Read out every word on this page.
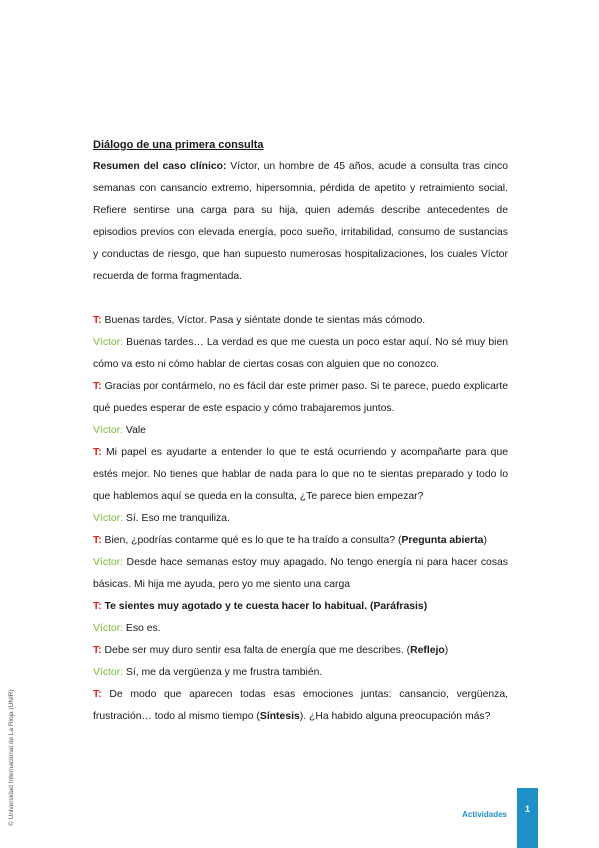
Diálogo de una primera consulta

Resumen del caso clínico: Víctor, un hombre de 45 años, acude a consulta tras cinco semanas con cansancio extremo, hipersomnia, pérdida de apetito y retraimiento social. Refiere sentirse una carga para su hija, quien además describe antecedentes de episodios previos con elevada energía, poco sueño, irritabilidad, consumo de sustancias y conductas de riesgo, que han supuesto numerosas hospitalizaciones, los cuales Víctor recuerda de forma fragmentada.

T: Buenas tardes, Víctor. Pasa y siéntate donde te sientas más cómodo.

Víctor: Buenas tardes… La verdad es que me cuesta un poco estar aquí. No sé muy bien cómo va esto ni cómo hablar de ciertas cosas con alguien que no conozco.

T: Gracias por contármelo, no es fácil dar este primer paso. Si te parece, puedo explicarte qué puedes esperar de este espacio y cómo trabajaremos juntos.

Víctor: Vale

T: Mi papel es ayudarte a entender lo que te está ocurriendo y acompañarte para que estés mejor. No tienes que hablar de nada para lo que no te sientas preparado y todo lo que hablemos aquí se queda en la consulta, ¿Te parece bien empezar?

Víctor: Sí. Eso me tranquiliza.

T: Bien, ¿podrías contarme qué es lo que te ha traído a consulta? (Pregunta abierta)

Víctor: Desde hace semanas estoy muy apagado. No tengo energía ni para hacer cosas básicas. Mi hija me ayuda, pero yo me siento una carga

T: Te sientes muy agotado y te cuesta hacer lo habitual. (Paráfrasis)

Víctor: Eso es.

T: Debe ser muy duro sentir esa falta de energía que me describes. (Reflejo)

Víctor: Sí, me da vergüenza y me frustra también.

T: De modo que aparecen todas esas emociones juntas: cansancio, vergüenza, frustración… todo al mismo tiempo (Síntesis). ¿Ha habido alguna preocupación más?

© Universidad Internacional de La Rioja (UNIR)	Actividades
1
